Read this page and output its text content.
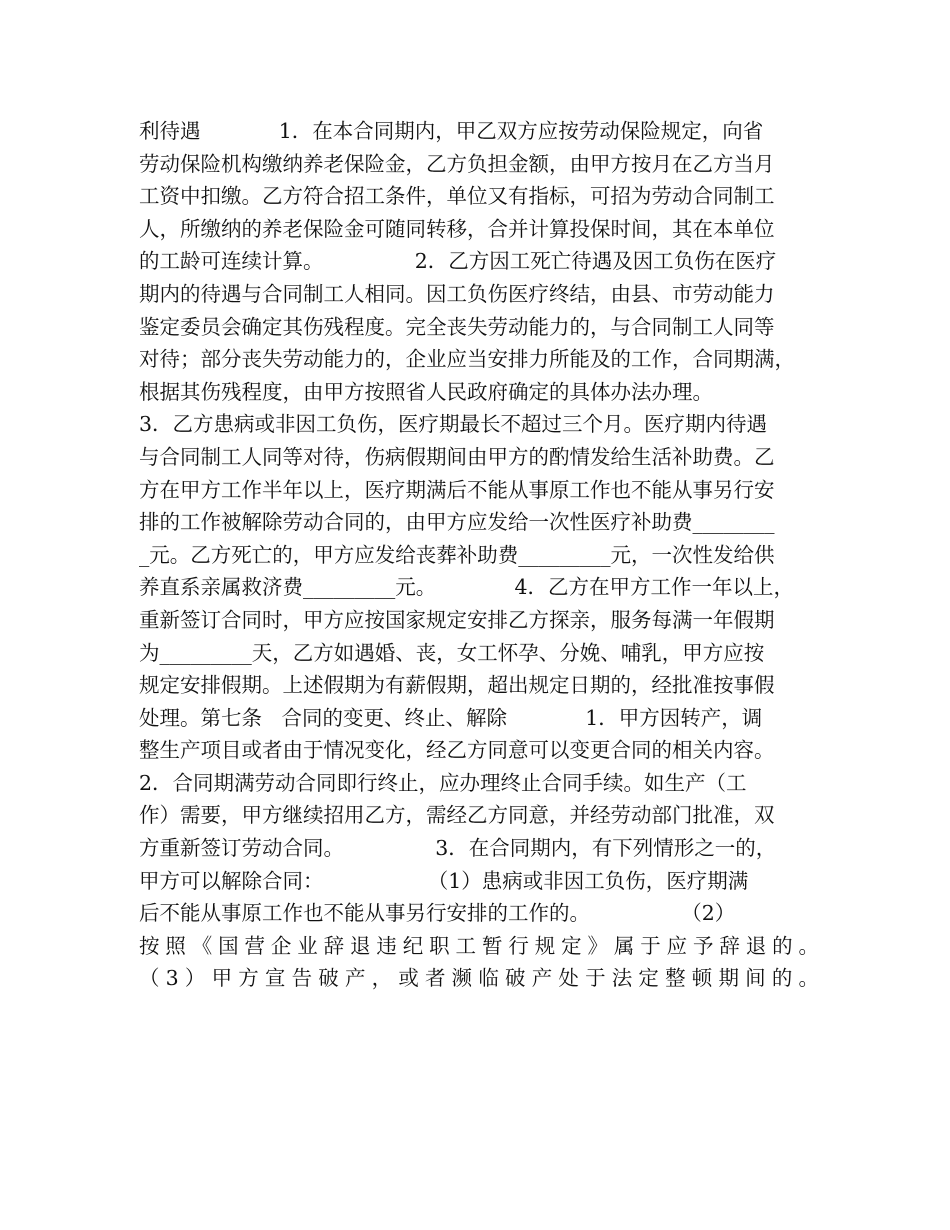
利待遇            1．在本合同期内，甲乙双方应按劳动保险规定，向省
劳动保险机构缴纳养老保险金，乙方负担金额，由甲方按月在乙方当月
工资中扣缴。乙方符合招工条件，单位又有指标，可招为劳动合同制工
人，所缴纳的养老保险金可随同转移，合并计算投保时间，其在本单位
的工龄可连续计算。              2．乙方因工死亡待遇及因工负伤在医疗
期内的待遇与合同制工人相同。因工负伤医疗终结，由县、市劳动能力
鉴定委员会确定其伤残程度。完全丧失劳动能力的，与合同制工人同等
对待；部分丧失劳动能力的，企业应当安排力所能及的工作，合同期满，
根据其伤残程度，由甲方按照省人民政府确定的具体办法办理。
3．乙方患病或非因工负伤，医疗期最长不超过三个月。医疗期内待遇
与合同制工人同等对待，伤病假期间由甲方的酌情发给生活补助费。乙
方在甲方工作半年以上，医疗期满后不能从事原工作也不能从事另行安
排的工作被解除劳动合同的，由甲方应发给一次性医疗补助费________
_元。乙方死亡的，甲方应发给丧葬补助费_________元，一次性发给供
养直系亲属救济费_________元。            4．乙方在甲方工作一年以上，
重新签订合同时，甲方应按国家规定安排乙方探亲，服务每满一年假期
为_________天，乙方如遇婚、丧，女工怀孕、分娩、哺乳，甲方应按
规定安排假期。上述假期为有薪假期，超出规定日期的，经批准按事假
处理。第七条   合同的变更、终止、解除            1．甲方因转产，调
整生产项目或者由于情况变化，经乙方同意可以变更合同的相关内容。
2．合同期满劳动合同即行终止，应办理终止合同手续。如生产（工
作）需要，甲方继续招用乙方，需经乙方同意，并经劳动部门批准，双
方重新签订劳动合同。              3．在合同期内，有下列情形之一的，
甲方可以解除合同：                （1）患病或非因工负伤，医疗期满
后不能从事原工作也不能从事另行安排的工作的。              （2）
按照《国营企业辞退违纪职工暂行规定》属于应予辞退的。
（3）甲方宣告破产，或者濒临破产处于法定整顿期间的。
